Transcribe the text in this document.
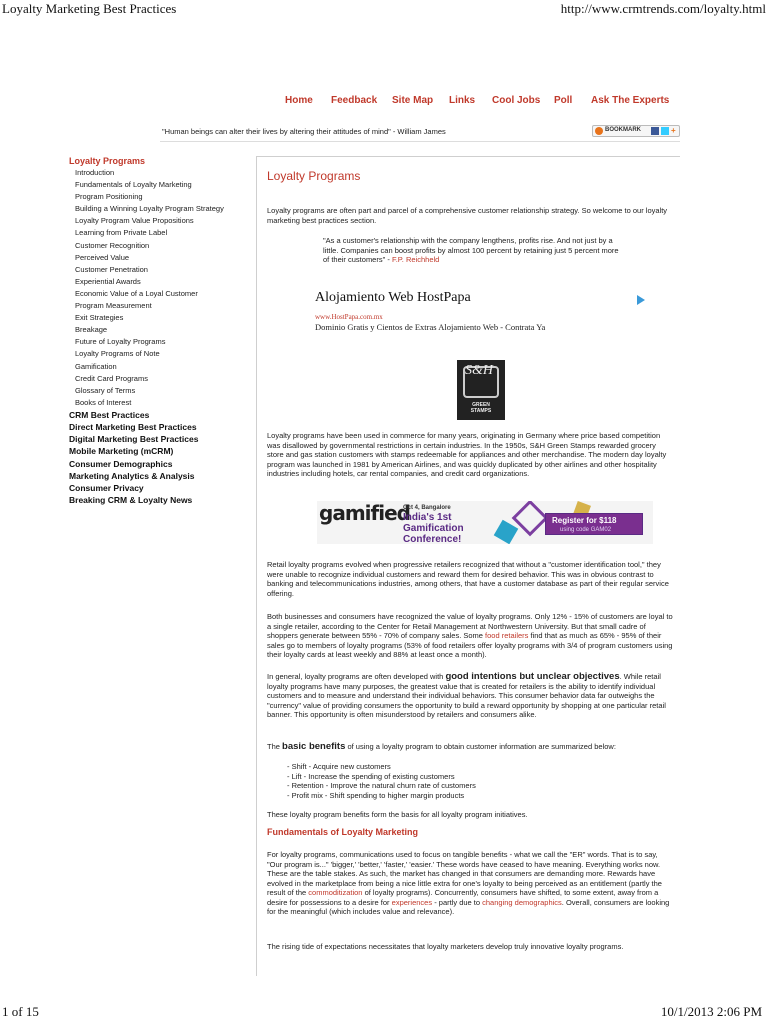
Loyalty Marketing Best Practices	http://www.crmtrends.com/loyalty.html
Home Feedback Site Map Links Cool Jobs Poll Ask The Experts
"Human beings can alter their lives by altering their attitudes of mind" - William James	BOOKMARK	+
Loyalty Programs
Introduction
Fundamentals of Loyalty Marketing
Program Positioning
Building a Winning Loyalty Program Strategy
Loyalty Program Value Propositions
Learning from Private Label
Customer Recognition
Perceived Value
Customer Penetration
Experiential Awards
Economic Value of a Loyal Customer
Program Measurement
Exit Strategies
Breakage
Future of Loyalty Programs
Loyalty Programs of Note
Gamification
Credit Card Programs
Glossary of Terms
Books of Interest
CRM Best Practices
Direct Marketing Best Practices
Digital Marketing Best Practices
Mobile Marketing (mCRM)
Consumer Demographics
Marketing Analytics & Analysis
Consumer Privacy
Breaking CRM & Loyalty News
Loyalty Programs

Loyalty programs are often part and parcel of a comprehensive customer relationship strategy. So welcome to our loyalty marketing best practices section.

"As a customer's relationship with the company lengthens, profits rise. And not just by a little. Companies can boost profits by almost 100 percent by retaining just 5 percent more of their customers" - F.P. Reichheld
Alojamiento Web HostPapa
www.HostPapa.com.mx
Dominio Gratis y Cientos de Extras Alojamiento Web - Contrata Ya
S&H
GREEN
STAMPS

Loyalty programs have been used in commerce for many years, originating in Germany where price based competition was disallowed by governmental restrictions in certain industries. In the 1950s, S&H Green Stamps rewarded grocery store and gas station customers with stamps redeemable for appliances and other merchandise. The modern day loyalty program was launched in 1981 by American Airlines, and was quickly duplicated by other airlines and other hospitality industries including hotels, car rental companies, and credit card organizations.

gamified
Oct 4, Bangalore
India's 1st Gamification Conference!
Register for $118
using code GAM02

Retail loyalty programs evolved when progressive retailers recognized that without a "customer identification tool," they were unable to recognize individual customers and reward them for desired behavior. This was in obvious contrast to banking and telecommunications industries, among others, that have a customer database as part of their regular service offering.

Both businesses and consumers have recognized the value of loyalty programs. Only 12% - 15% of customers are loyal to a single retailer, according to the Center for Retail Management at Northwestern University. But that small cadre of shoppers generate between 55% - 70% of company sales. Some food retailers find that as much as 65% - 95% of their sales go to members of loyalty programs (53% of food retailers offer loyalty programs with 3/4 of program customers using their loyalty cards at least weekly and 88% at least once a month).

In general, loyalty programs are often developed with good intentions but unclear objectives. While retail loyalty programs have many purposes, the greatest value that is created for retailers is the ability to identify individual customers and to measure and understand their individual behaviors. This consumer behavior data far outweighs the "currency" value of providing consumers the opportunity to build a reward opportunity by shopping at one particular retail banner. This opportunity is often misunderstood by retailers and consumers alike.

The basic benefits of using a loyalty program to obtain customer information are summarized below:

- Shift - Acquire new customers
- Lift - Increase the spending of existing customers
- Retention - Improve the natural churn rate of customers
- Profit mix - Shift spending to higher margin products

These loyalty program benefits form the basis for all loyalty program initiatives.

Fundamentals of Loyalty Marketing

For loyalty programs, communications used to focus on tangible benefits - what we call the "ER" words. That is to say, "Our program is..." 'bigger,' 'better,' 'faster,' 'easier.' These words have ceased to have meaning. Everything works now. These are the table stakes. As such, the market has changed in that consumers are demanding more. Rewards have evolved in the marketplace from being a nice little extra for one's loyalty to being perceived as an entitlement (partly the result of the commoditization of loyalty programs). Concurrently, consumers have shifted, to some extent, away from a desire for possessions to a desire for experiences - partly due to changing demographics. Overall, consumers are looking for the meaningful (which includes value and relevance).

The rising tide of expectations necessitates that loyalty marketers develop truly innovative loyalty programs.

1 of 15	10/1/2013 2:06 PM
